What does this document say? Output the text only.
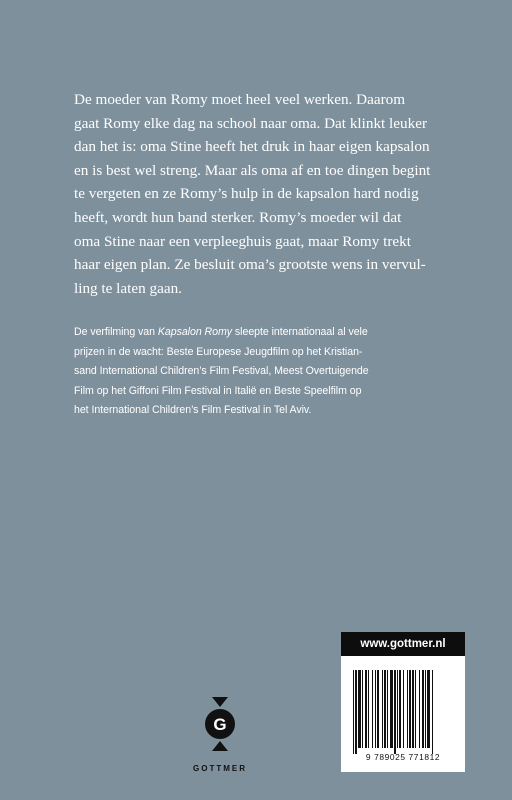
De moeder van Romy moet heel veel werken. Daarom
gaat Romy elke dag na school naar oma. Dat klinkt leuker
dan het is: oma Stine heeft het druk in haar eigen kapsalon
en is best wel streng. Maar als oma af en toe dingen begint
te vergeten en ze Romy’s hulp in de kapsalon hard nodig
heeft, wordt hun band sterker. Romy’s moeder wil dat
oma Stine naar een verpleeghuis gaat, maar Romy trekt
haar eigen plan. Ze besluit oma’s grootste wens in vervul-
ling te laten gaan.
De verfilming van Kapsalon Romy sleepte internationaal al vele
prijzen in de wacht: Beste Europese Jeugdfilm op het Kristian-
sand International Children’s Film Festival, Meest Overtuigende
Film op het Giffoni Film Festival in Italië en Beste Speelfilm op
het International Children’s Film Festival in Tel Aviv.
G
GOTTMER
www.gottmer.nl
9 789025 771812
